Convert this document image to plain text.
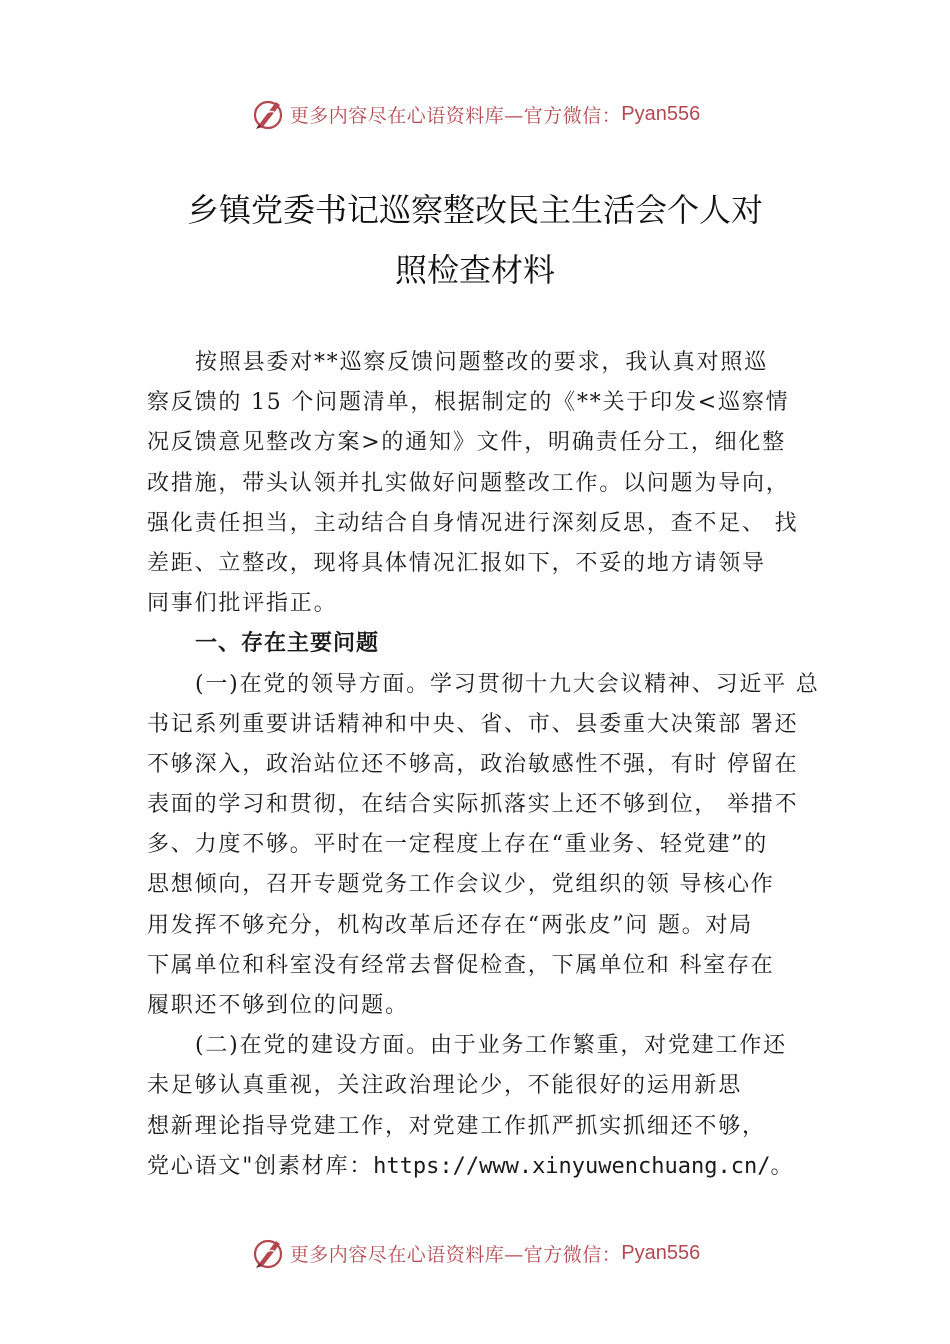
更多内容尽在心语资料库—官方微信： Pyan556
乡镇党委书记巡察整改民主生活会个人对
照检查材料
按照县委对**巡察反馈问题整改的要求，我认真对照巡
察反馈的 15 个问题清单，根据制定的《**关于印发<巡察情
况反馈意见整改方案>的通知》文件，明确责任分工，细化整
改措施，带头认领并扎实做好问题整改工作。以问题为导向，
强化责任担当，主动结合自身情况进行深刻反思，查不足、 找
差距、立整改，现将具体情况汇报如下，不妥的地方请领导
同事们批评指正。
一、存在主要问题
(一)在党的领导方面。学习贯彻十九大会议精神、习近平 总
书记系列重要讲话精神和中央、省、市、县委重大决策部 署还
不够深入，政治站位还不够高，政治敏感性不强，有时 停留在
表面的学习和贯彻，在结合实际抓落实上还不够到位， 举措不
多、力度不够。平时在一定程度上存在“重业务、轻党建”的
思想倾向，召开专题党务工作会议少，党组织的领 导核心作
用发挥不够充分，机构改革后还存在“两张皮”问 题。对局
下属单位和科室没有经常去督促检查，下属单位和 科室存在
履职还不够到位的问题。
(二)在党的建设方面。由于业务工作繁重，对党建工作还
未足够认真重视，关注政治理论少，不能很好的运用新思
想新理论指导党建工作，对党建工作抓严抓实抓细还不够，
党心语文"创素材库：https://www.xinyuwenchuang.cn/。
更多内容尽在心语资料库—官方微信： Pyan556
